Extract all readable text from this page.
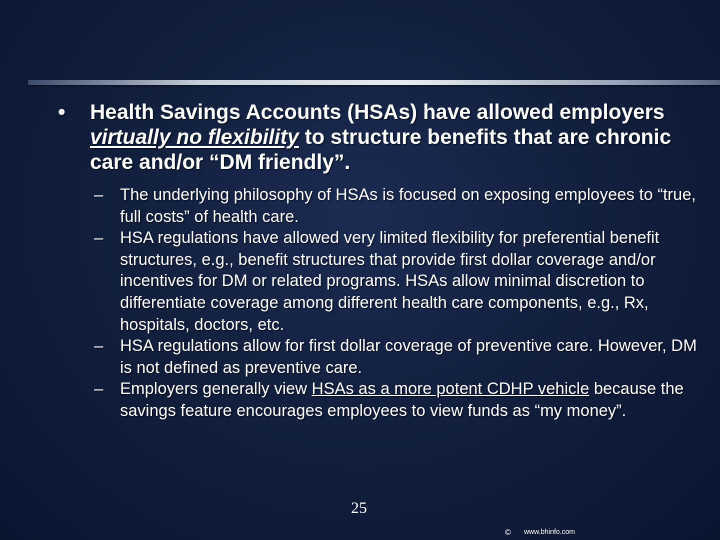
•	Health Savings Accounts (HSAs) have allowed employers virtually no flexibility to structure benefits that are chronic care and/or “DM friendly”.

–	The underlying philosophy of HSAs is focused on exposing employees to “true, full costs” of health care.
–	HSA regulations have allowed very limited flexibility for preferential benefit structures, e.g., benefit structures that provide first dollar coverage and/or incentives for DM or related programs. HSAs allow minimal discretion to differentiate coverage among different health care components, e.g., Rx, hospitals, doctors, etc.
–	HSA regulations allow for first dollar coverage of preventive care. However, DM is not defined as preventive care.
–	Employers generally view HSAs as a more potent CDHP vehicle because the savings feature encourages employees to view funds as “my money”.
25
© www.bhinfo.com
